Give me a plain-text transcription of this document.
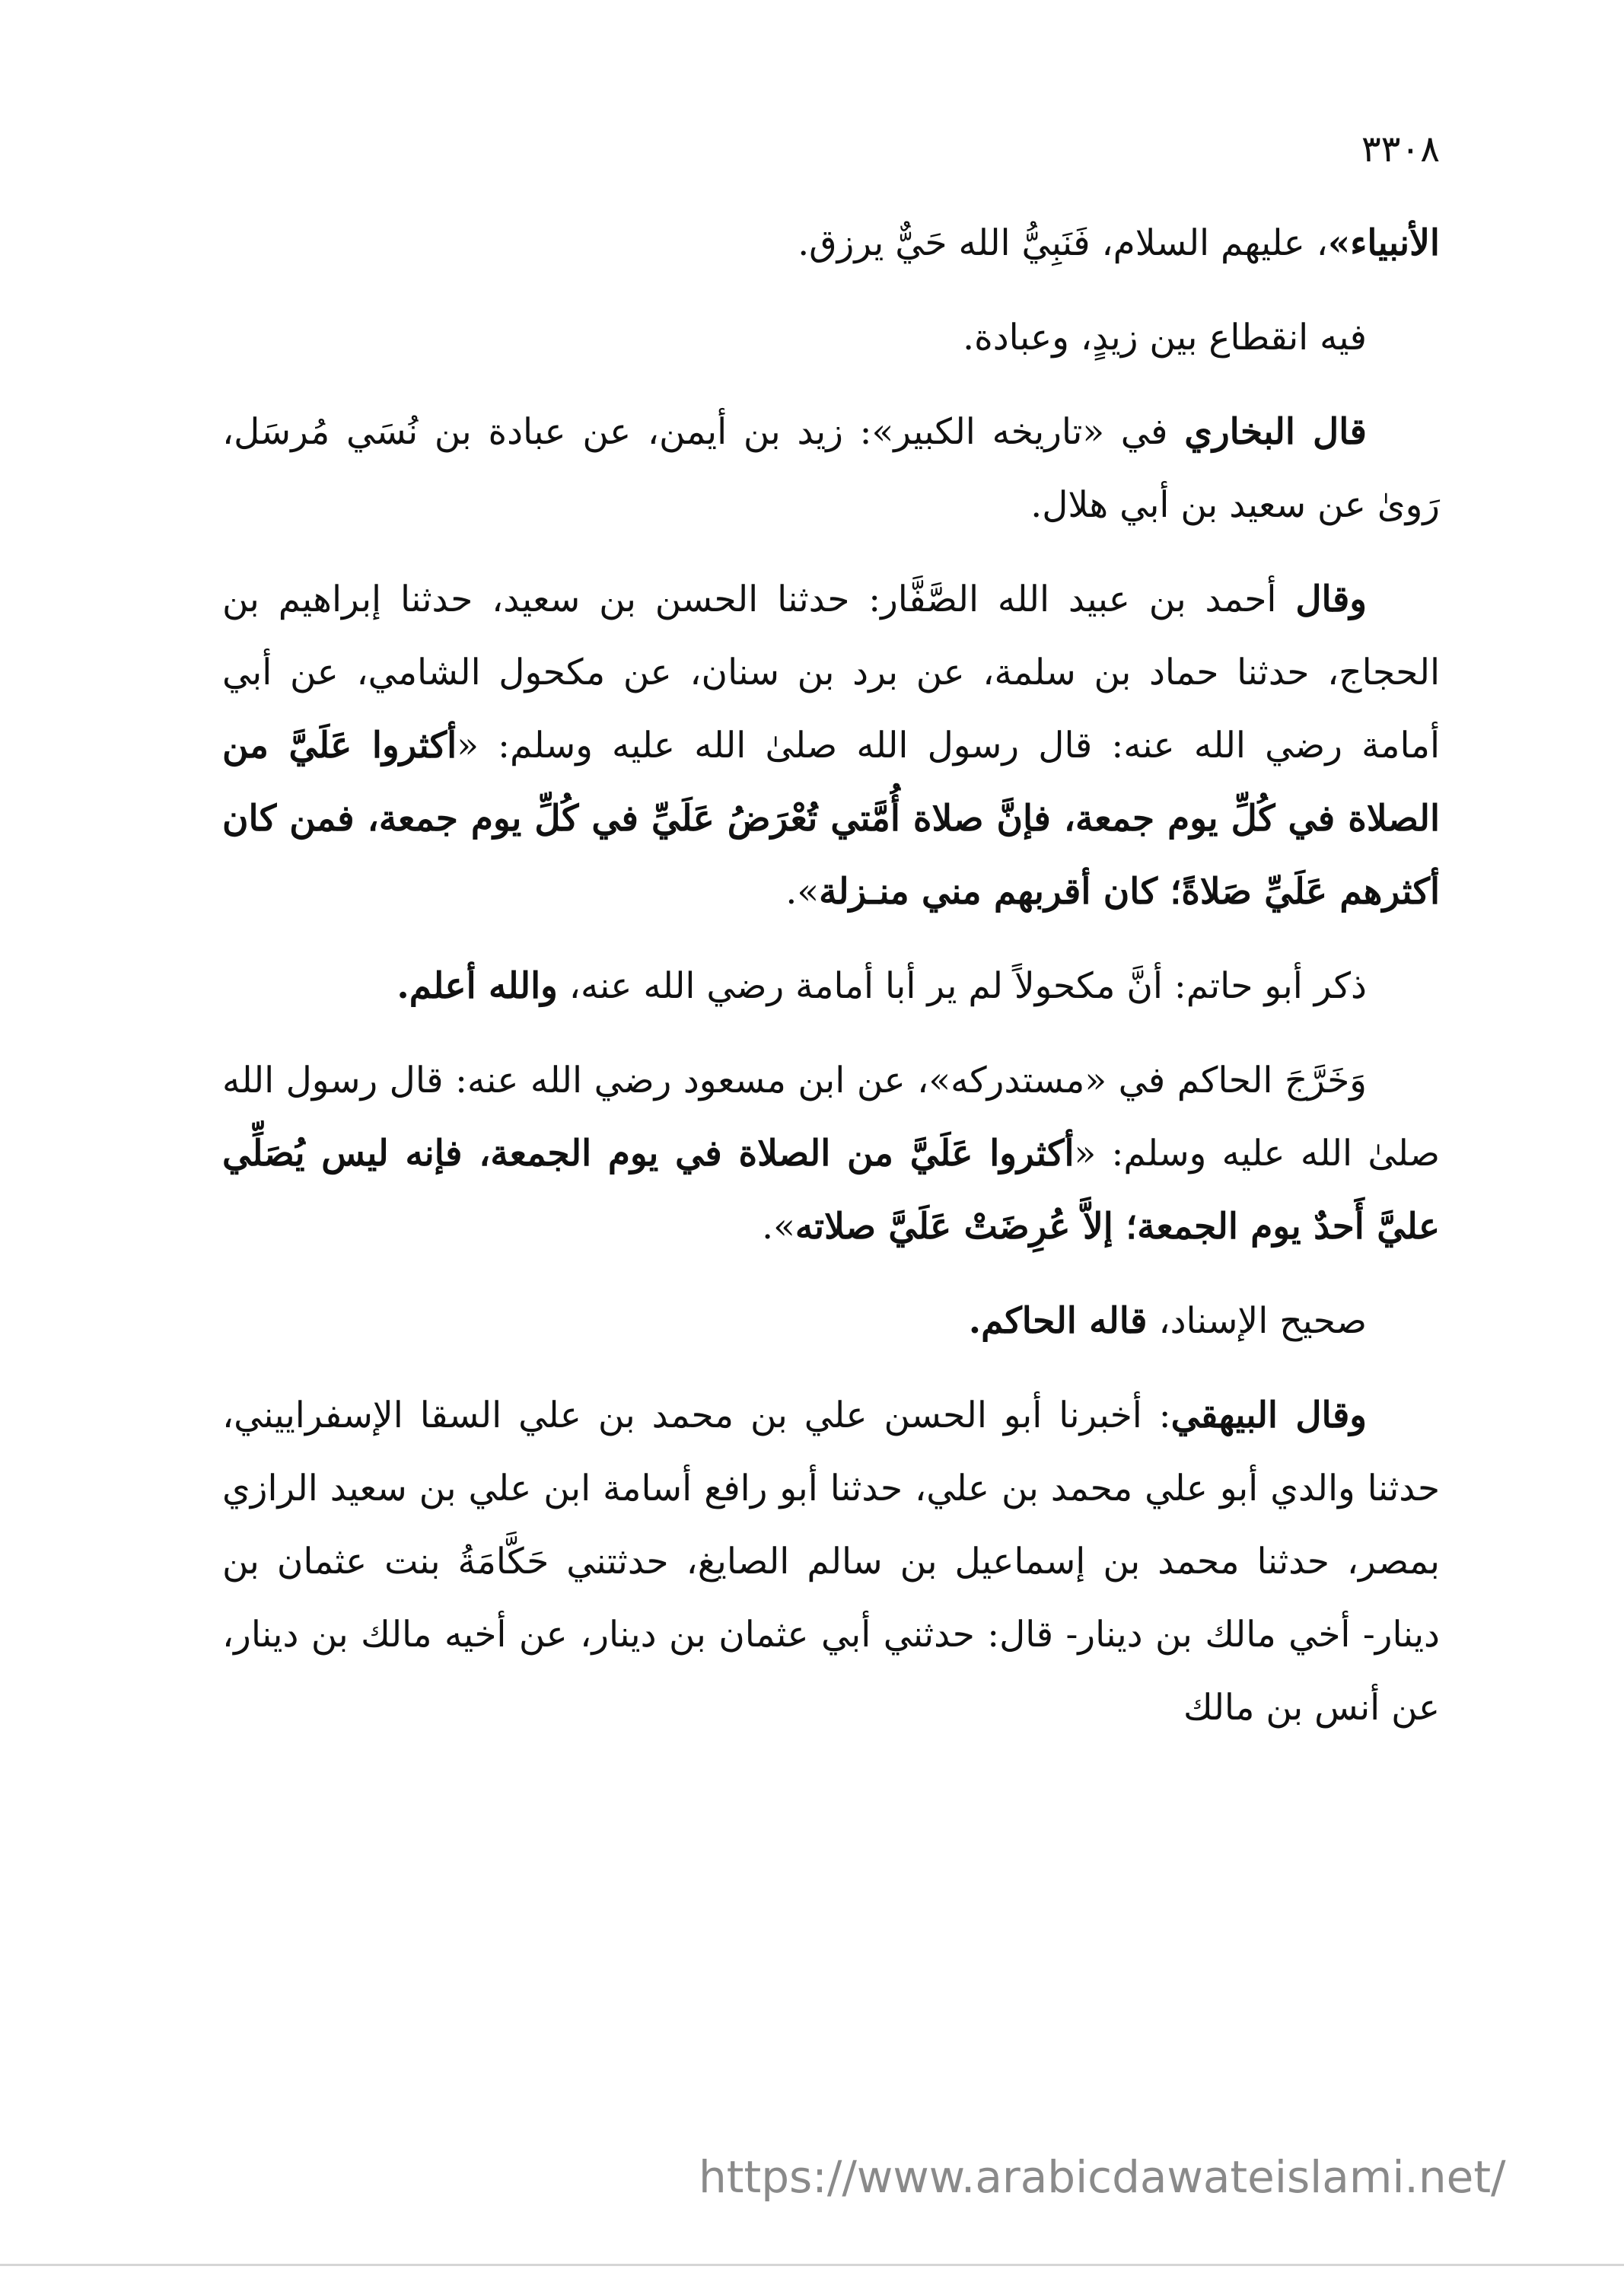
٣٣٠٨

الأنبياء»، عليهم السلام، فَنَبِيُّ الله حَيٌّ يرزق.

فيه انقطاع بين زيدٍ، وعبادة.

قال البخاري في «تاريخه الكبير»: زيد بن أيمن، عن عبادة بن نُسَي مُرسَل، رَوىٰ عن سعيد بن أبي هلال.

وقال أحمد بن عبيد الله الصَّفَّار: حدثنا الحسن بن سعيد، حدثنا إبراهيم بن الحجاج، حدثنا حماد بن سلمة، عن برد بن سنان، عن مكحول الشامي، عن أبي أمامة رضي الله عنه: قال رسول الله صلىٰ الله عليه وسلم: «أكثروا عَلَيَّ من الصلاة في كُلِّ يوم جمعة، فإنَّ صلاة أُمَّتي تُعْرَضُ عَلَيِّ في كُلِّ يوم جمعة، فمن كان أكثرهم عَلَيِّ صَلاةً؛ كان أقربهم مني منـزلة».

ذكر أبو حاتم: أنَّ مكحولاً لم ير أبا أمامة رضي الله عنه، والله أعلم.

وَخَرَّجَ الحاكم في «مستدركه»، عن ابن مسعود رضي الله عنه: قال رسول الله صلىٰ الله عليه وسلم: «أكثروا عَلَيَّ من الصلاة في يوم الجمعة، فإنه ليس يُصَلِّي عليَّ أَحدٌ يوم الجمعة؛ إلاَّ عُرِضَتْ عَلَيَّ صلاته».

صحيح الإسناد، قاله الحاكم.

وقال البيهقي: أخبرنا أبو الحسن علي بن محمد بن علي السقا الإسفراييني، حدثنا والدي أبو علي محمد بن علي، حدثنا أبو رافع أسامة ابن علي بن سعيد الرازي بمصر، حدثنا محمد بن إسماعيل بن سالم الصايغ، حدثتني حَكَّامَةُ بنت عثمان بن دينار- أخي مالك بن دينار- قال: حدثني أبي عثمان بن دينار، عن أخيه مالك بن دينار، عن أنس بن مالك

https://www.arabicdawateislami.net/
